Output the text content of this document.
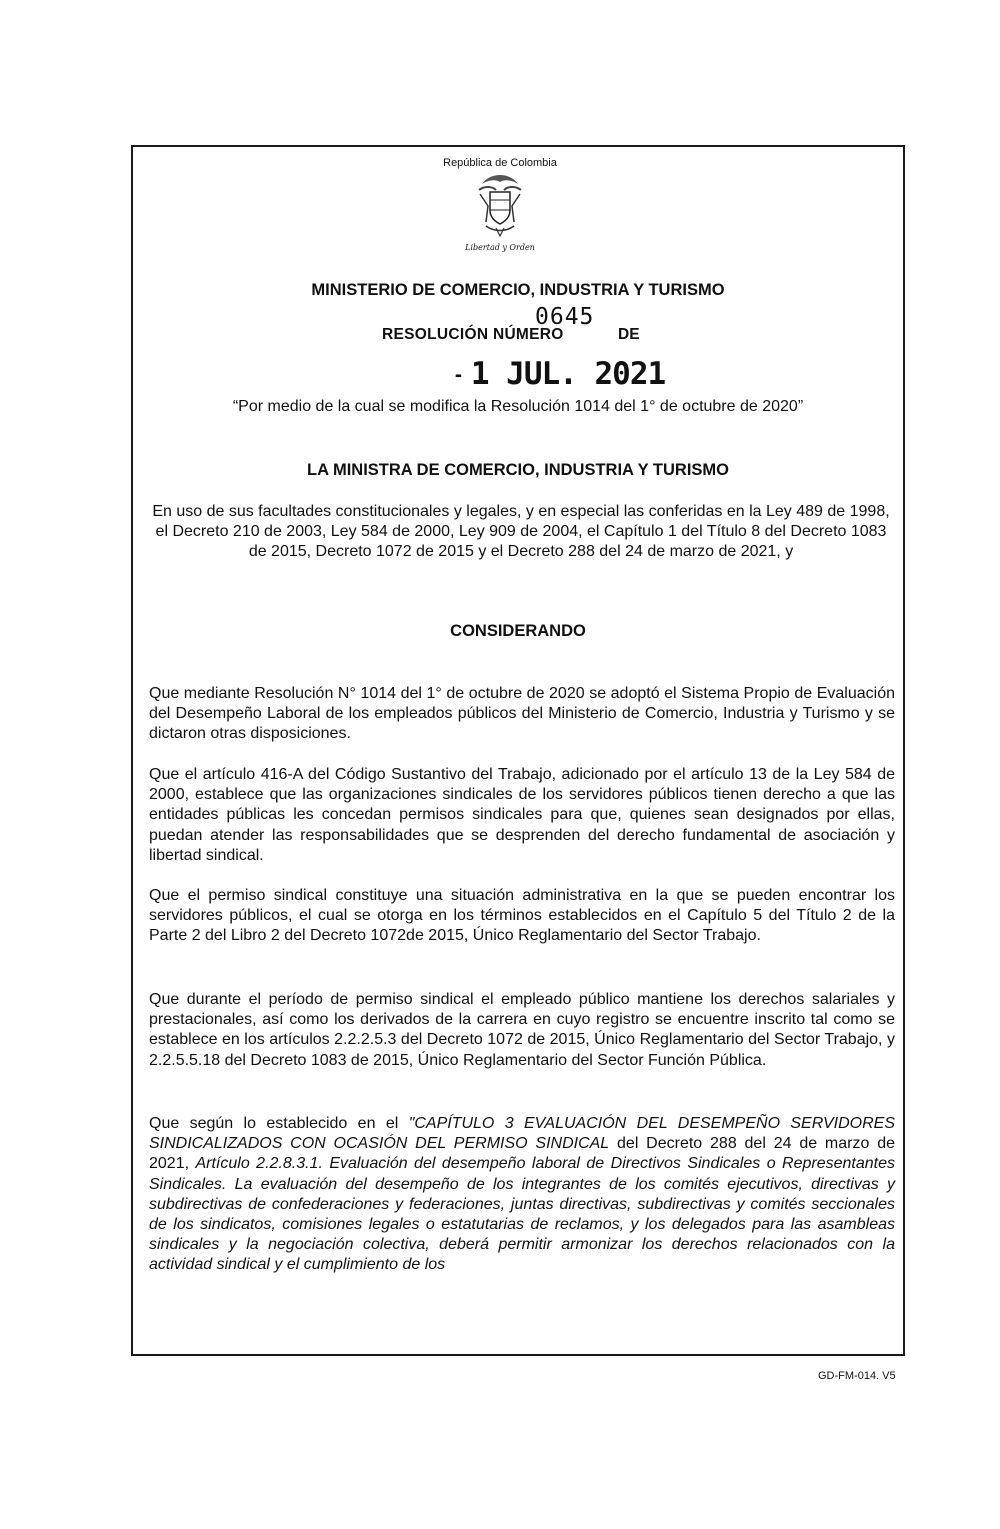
República de Colombia
Libertad y Orden
MINISTERIO DE COMERCIO, INDUSTRIA Y TURISMO
RESOLUCIÓN NÚMERO
0645
DE
‑ 1 JUL. 2021
“Por medio de la cual se modifica la Resolución 1014 del 1° de octubre de 2020”
LA MINISTRA DE COMERCIO, INDUSTRIA Y TURISMO
En uso de sus facultades constitucionales y legales, y en especial las conferidas en la Ley 489 de 1998, el Decreto 210 de 2003, Ley 584 de 2000, Ley 909 de 2004, el Capítulo 1 del Título 8 del Decreto 1083 de 2015, Decreto 1072 de 2015 y el Decreto 288 del 24 de marzo de 2021, y
CONSIDERANDO

Que mediante Resolución N° 1014 del 1° de octubre de 2020 se adoptó el Sistema Propio de Evaluación del Desempeño Laboral de los empleados públicos del Ministerio de Comercio, Industria y Turismo y se dictaron otras disposiciones.

Que el artículo 416-A del Código Sustantivo del Trabajo, adicionado por el artículo 13 de la Ley 584 de 2000, establece que las organizaciones sindicales de los servidores públicos tienen derecho a que las entidades públicas les concedan permisos sindicales para que, quienes sean designados por ellas, puedan atender las responsabilidades que se desprenden del derecho fundamental de asociación y libertad sindical.

Que el permiso sindical constituye una situación administrativa en la que se pueden encontrar los servidores públicos, el cual se otorga en los términos establecidos en el Capítulo 5 del Título 2 de la Parte 2 del Libro 2 del Decreto 1072de 2015, Único Reglamentario del Sector Trabajo.

Que durante el período de permiso sindical el empleado público mantiene los derechos salariales y prestacionales, así como los derivados de la carrera en cuyo registro se encuentre inscrito tal como se establece en los artículos 2.2.2.5.3 del Decreto 1072 de 2015, Único Reglamentario del Sector Trabajo, y 2.2.5.5.18 del Decreto 1083 de 2015, Único Reglamentario del Sector Función Pública.

Que según lo establecido en el "CAPÍTULO 3 EVALUACIÓN DEL DESEMPEÑO SERVIDORES SINDICALIZADOS CON OCASIÓN DEL PERMISO SINDICAL del Decreto 288 del 24 de marzo de 2021, Artículo 2.2.8.3.1. Evaluación del desempeño laboral de Directivos Sindicales o Representantes Sindicales. La evaluación del desempeño de los integrantes de los comités ejecutivos, directivas y subdirectivas de confederaciones y federaciones, juntas directivas, subdirectivas y comités seccionales de los sindicatos, comisiones legales o estatutarias de reclamos, y los delegados para las asambleas sindicales y la negociación colectiva, deberá permitir armonizar los derechos relacionados con la actividad sindical y el cumplimiento de los

GD-FM-014. V5
